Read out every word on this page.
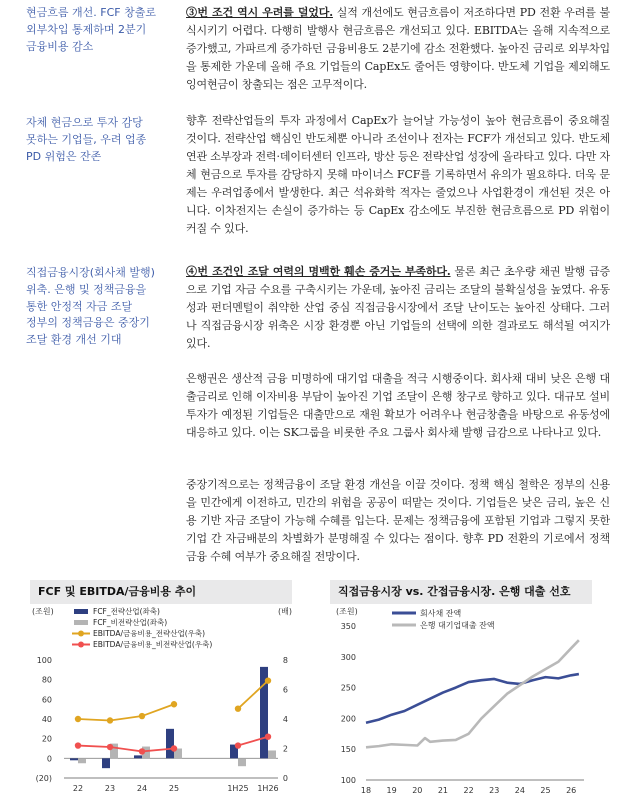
현금흐름 개선. FCF 창출로 외부차입 통제하며 2분기 금융비용 감소
자체 현금으로 투자 감당 못하는 기업들, 우려 업종 PD 위험은 잔존
직접금융시장(회사채 발행) 위축. 은행 및 정책금융을 통한 안정적 자금 조달
정부의 정책금융은 중장기 조달 환경 개선 기대
③번 조건 역시 우려를 덜었다. 실적 개선에도 현금흐름이 저조하다면 PD 전환 우려를 불식시키기 어렵다. 다행히 발행사 현금흐름은 개선되고 있다. EBITDA는 올해 지속적으로 증가했고, 가파르게 증가하던 금융비용도 2분기에 감소 전환했다. 높아진 금리로 외부차입을 통제한 가운데 올해 주요 기업들의 CapEx도 줄어든 영향이다. 반도체 기업을 제외해도 잉여현금이 창출되는 점은 고무적이다.
향후 전략산업들의 투자 과정에서 CapEx가 늘어날 가능성이 높아 현금흐름이 중요해질 것이다. 전략산업 핵심인 반도체뿐 아니라 조선이나 전자는 FCF가 개선되고 있다. 반도체 연관 소부장과 전력·데이터센터 인프라, 방산 등은 전략산업 성장에 올라타고 있다. 다만 자체 현금으로 투자를 감당하지 못해 마이너스 FCF를 기록하면서 유의가 필요하다. 더욱 문제는 우려업종에서 발생한다. 최근 석유화학 적자는 줄었으나 사업환경이 개선된 것은 아니다. 이차전지는 손실이 증가하는 등 CapEx 감소에도 부진한 현금흐름으로 PD 위험이 커질 수 있다.
④번 조건인 조달 여력의 명백한 훼손 증거는 부족하다. 물론 최근 초우량 채권 발행 급증으로 기업 자금 수요를 구축시키는 가운데, 높아진 금리는 조달의 불확실성을 높였다. 유동성과 펀더멘털이 취약한 산업 중심 직접금융시장에서 조달 난이도는 높아진 상태다. 그러나 직접금융시장 위축은 시장 환경뿐 아닌 기업들의 선택에 의한 결과로도 해석될 여지가 있다.
은행권은 생산적 금융 미명하에 대기업 대출을 적극 시행중이다. 회사채 대비 낮은 은행 대출금리로 인해 이자비용 부담이 높아진 기업 조달이 은행 창구로 향하고 있다. 대규모 설비투자가 예정된 기업들은 대출만으로 재원 확보가 어려우나 현금창출을 바탕으로 유동성에 대응하고 있다. 이는 SK그룹을 비롯한 주요 그룹사 회사채 발행 급감으로 나타나고 있다.
중장기적으로는 정책금융이 조달 환경 개선을 이끌 것이다. 정책 핵심 철학은 정부의 신용을 민간에게 이전하고, 민간의 위험을 공공이 떠맡는 것이다. 기업들은 낮은 금리, 높은 신용 기반 자금 조달이 가능해 수혜를 입는다. 문제는 정책금융에 포함된 기업과 그렇지 못한 기업 간 자금배분의 차별화가 분명해질 수 있다는 점이다. 향후 PD 전환의 기로에서 정책금융 수혜 여부가 중요해질 전망이다.
FCF 및 EBITDA/금융비용 추이
(조원)	(배)
FCF_전략산업(좌축)
FCF_비전략산업(좌축)
EBITDA/금융비용_전략산업(우축)
EBITDA/금융비용_비전략산업(우축)
(20)
0
20
40
60
80
100
0
2
4
6
8
22	23	24	25	1H25 1H26
직접금융시장 vs. 간접금융시장. 은행 대출 선호
(조원)
100
150
200
250
300
350
18 19 20 21 22 23 24 25 26
회사채 잔액
은행 대기업대출 잔액
